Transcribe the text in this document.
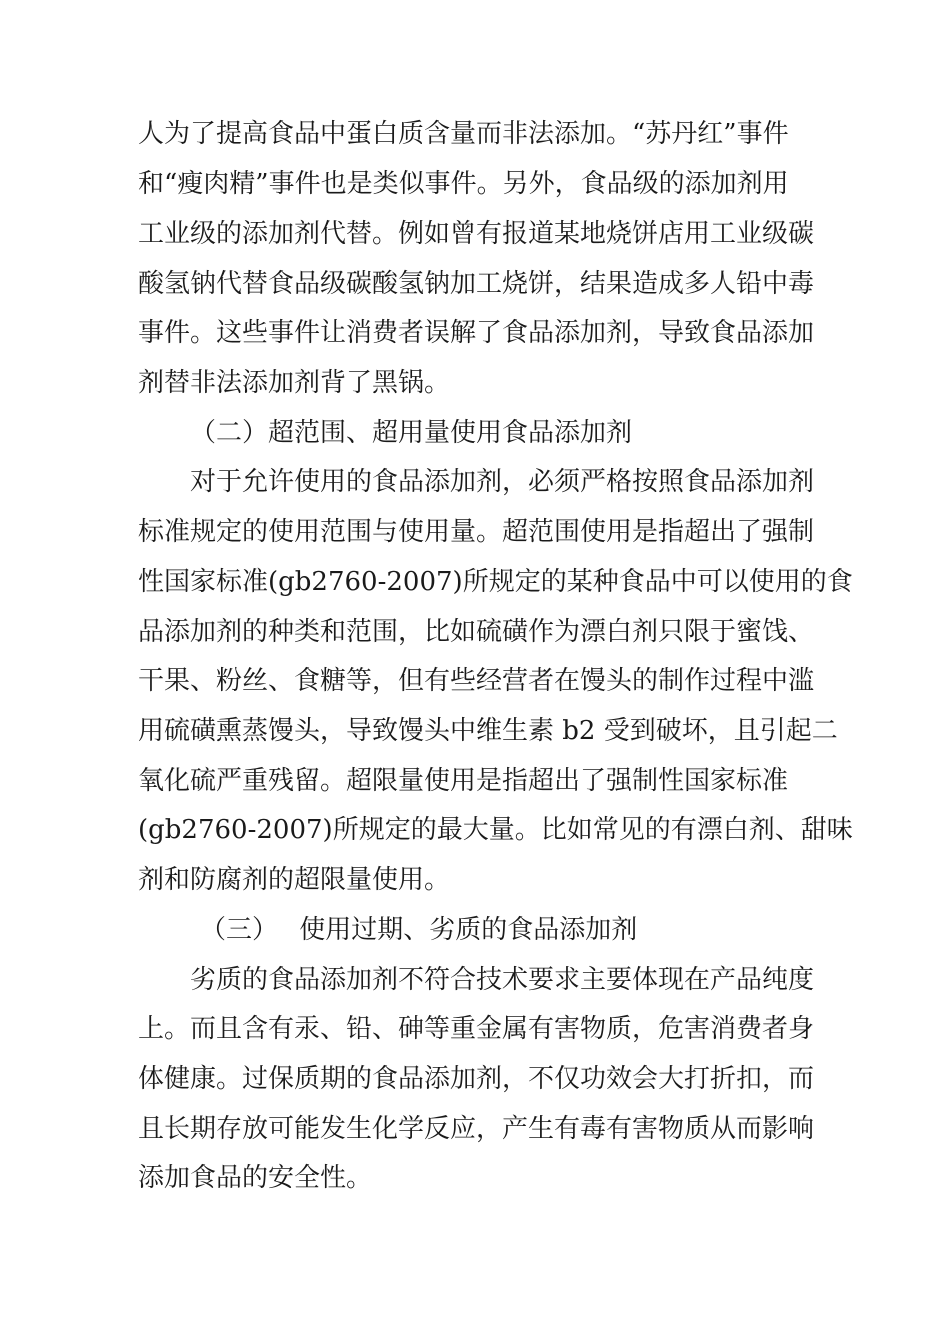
人为了提高食品中蛋白质含量而非法添加。“苏丹红”事件
和“瘦肉精”事件也是类似事件。另外，食品级的添加剂用
工业级的添加剂代替。例如曾有报道某地烧饼店用工业级碳
酸氢钠代替食品级碳酸氢钠加工烧饼，结果造成多人铅中毒
事件。这些事件让消费者误解了食品添加剂，导致食品添加
剂替非法添加剂背了黑锅。
（二）超范围、超用量使用食品添加剂
对于允许使用的食品添加剂，必须严格按照食品添加剂
标准规定的使用范围与使用量。超范围使用是指超出了强制
性国家标准(gb2760-2007)所规定的某种食品中可以使用的食
品添加剂的种类和范围，比如硫磺作为漂白剂只限于蜜饯、
干果、粉丝、食糖等，但有些经营者在馒头的制作过程中滥
用硫磺熏蒸馒头，导致馒头中维生素 b2 受到破坏，且引起二
氧化硫严重残留。超限量使用是指超出了强制性国家标准
(gb2760-2007)所规定的最大量。比如常见的有漂白剂、甜味
剂和防腐剂的超限量使用。
（三）　 使用过期、劣质的食品添加剂
劣质的食品添加剂不符合技术要求主要体现在产品纯度
上。而且含有汞、铅、砷等重金属有害物质，危害消费者身
体健康。过保质期的食品添加剂，不仅功效会大打折扣，而
且长期存放可能发生化学反应，产生有毒有害物质从而影响
添加食品的安全性。
